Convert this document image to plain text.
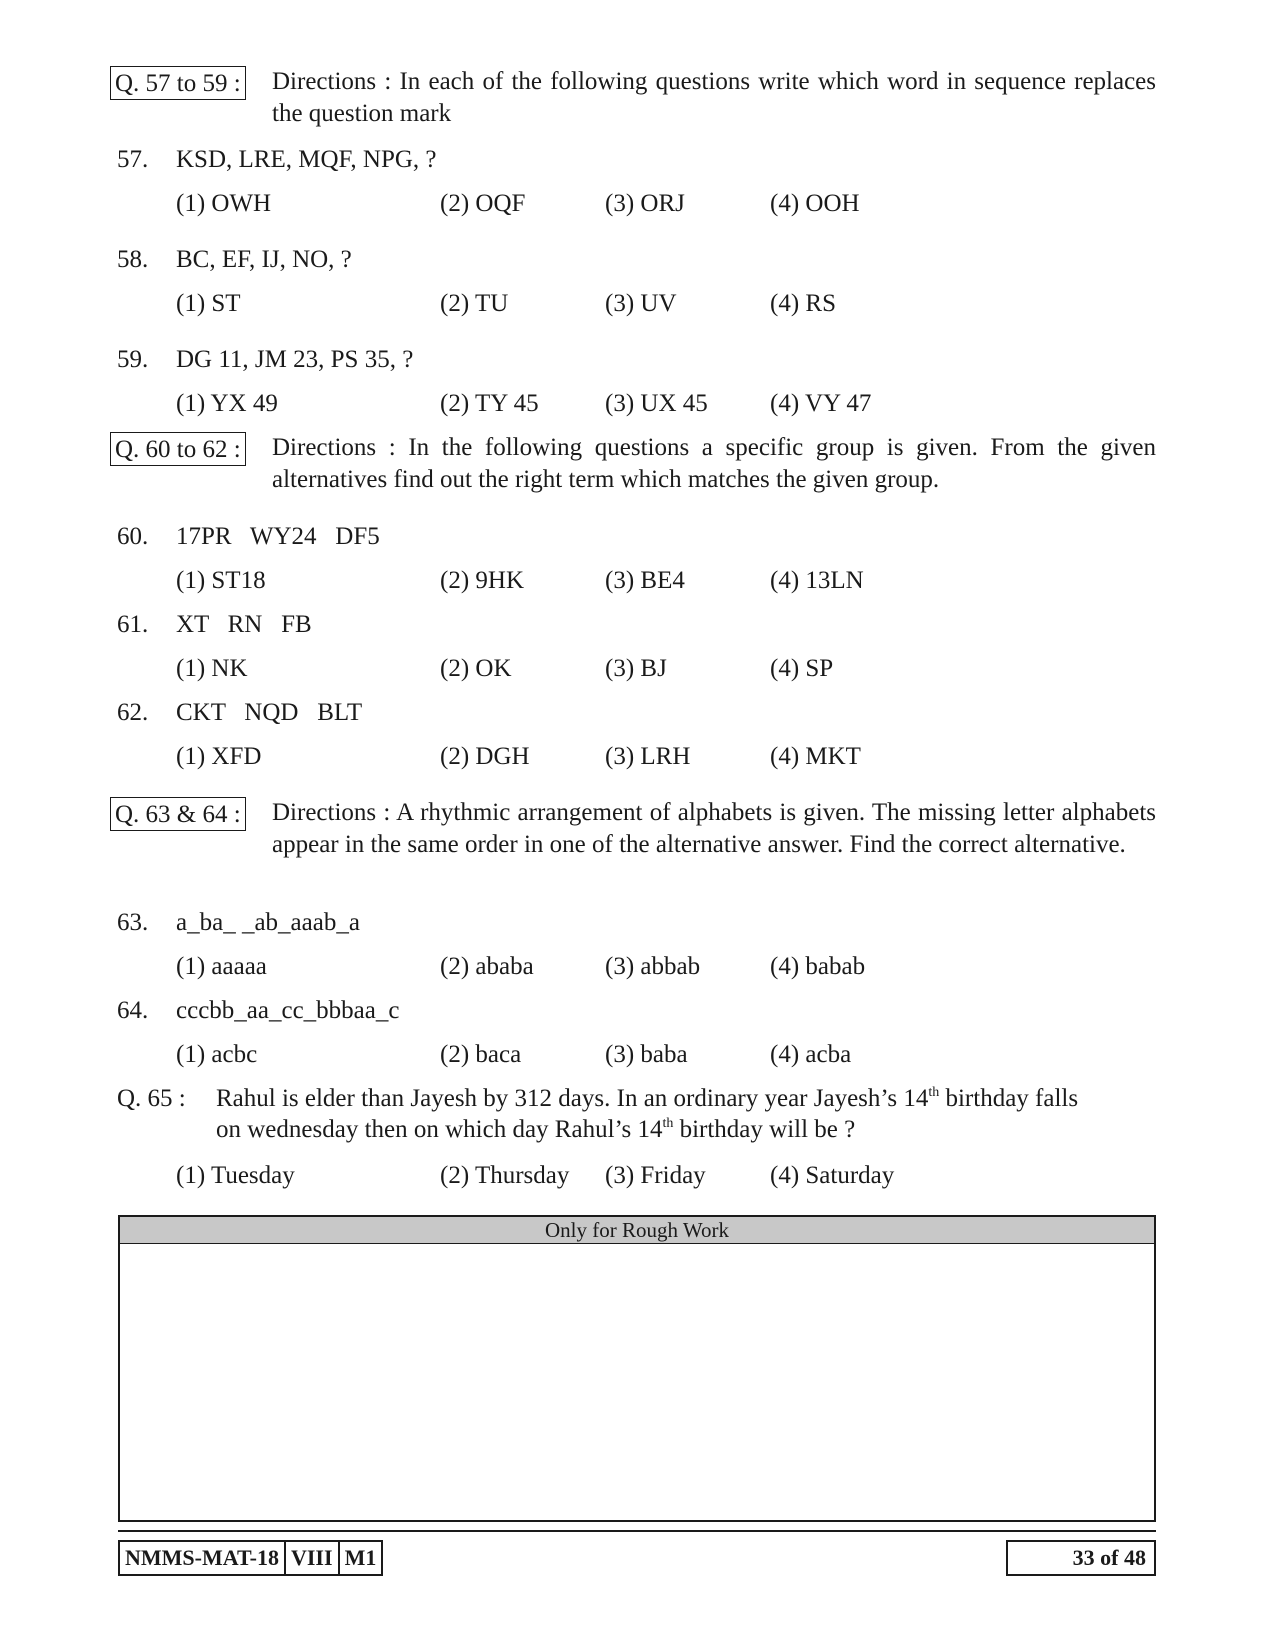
Q. 57 to 59 : Directions : In each of the following questions write which word in sequence replaces the question mark
57. KSD, LRE, MQF, NPG, ?
(1) OWH	(2) OQF	(3) ORJ	(4) OOH
58. BC, EF, IJ, NO, ?
(1) ST	(2) TU	(3) UV	(4) RS
59. DG 11, JM 23, PS 35, ?
(1) YX 49	(2) TY 45	(3) UX 45 (4) VY 47
Q. 60 to 62 : Directions : In the following questions a specific group is given. From the given alternatives find out the right term which matches the given group.
60. 17PR   WY24   DF5
(1) ST18	(2) 9HK	(3) BE4	(4) 13LN
61. XT   RN   FB
(1) NK	(2) OK	(3) BJ	(4) SP
62. CKT   NQD   BLT
(1) XFD	(2) DGH	(3) LRH	(4) MKT
Q. 63 & 64 : Directions : A rhythmic arrangement of alphabets is given. The missing letter alphabets appear in the same order in one of the alternative answer. Find the correct alternative.
63. a_ba_ _ab_aaab_a
(1) aaaaa	(2) ababa	(3) abbab	(4) babab
64. cccbb_aa_cc_bbbaa_c
(1) acbc	(2) baca	(3) baba	(4) acba
Q. 65 : Rahul is elder than Jayesh by 312 days. In an ordinary year Jayesh’s 14th birthday falls
on wednesday then on which day Rahul’s 14th birthday will be ?
(1) Tuesday	(2) Thursday (3) Friday	(4) Saturday
Only for Rough Work
NMMS-MAT-18 VIII M1	33 of 48
